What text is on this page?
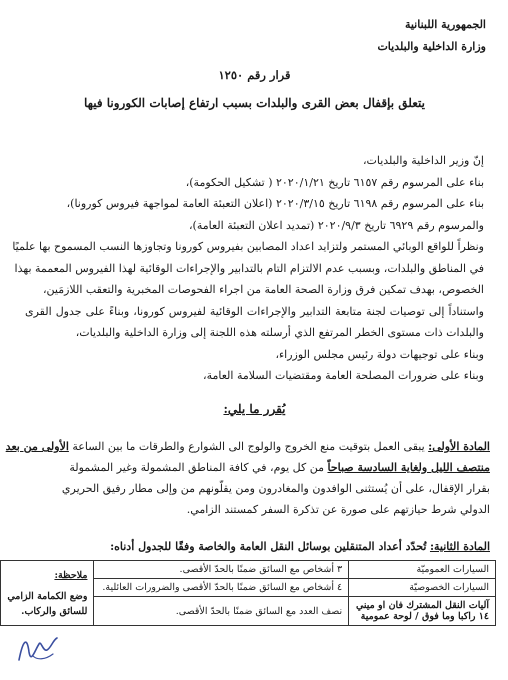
الجمهورية اللبنانية
وزارة الداخلية والبلديات
قرار رقم ١٢٥٠
يتعلق بإقفال بعض القرى والبلدات بسبب ارتفاع إصابات الكورونا فيها

إنّ وزير الداخلية والبلديات،

بناء على المرسوم رقم ٦١٥٧ تاريخ ٢٠٢٠/١/٢١ ( تشكيل الحكومة)،

بناء على المرسوم رقم ٦١٩٨ تاريخ ٢٠٢٠/٣/١٥ (اعلان التعبئة العامة لمواجهة فيروس كورونا)،

والمرسوم رقم ٦٩٢٩ تاريخ ٢٠٢٠/٩/٣ (تمديد اعلان التعبئة العامة)،

ونظراً للواقع الوبائي المستمر ولتزايد اعداد المصابين بفيروس كورونا وتجاوزها النسب المسموح بها علميًا

في المناطق والبلدات، وبسبب عدم الالتزام التام بالتدابير والإجراءات الوقائية لهذا الفيروس المعممة بهذا

الخصوص، بهدف تمكين فرق وزارة الصحة العامة من اجراء الفحوصات المخبرية والتعقب اللازمَين،

واستناداً إلى توصيات لجنة متابعة التدابير والإجراءات الوقائية لفيروس كورونا، وبناءً على جدول القرى

والبلدات ذات مستوى الخطر المرتفع الذي أرسلته هذه اللجنة إلى وزارة الداخلية والبلديات،

وبناء على توجيهات دولة رئيس مجلس الوزراء،

وبناء على ضرورات المصلحة العامة ومقتضيات السلامة العامة،

يُقرر ما يلي:

المادة الأولى: يبقى العمل بتوقيت منع الخروج والولوج الى الشوارع والطرقات ما بين الساعة الأولى من بعد

منتصف الليل ولغاية السادسة صباحاً من كل يوم، في كافة المناطق المشمولة وغير المشمولة

بقرار الإقفال، على أن يُستثنى الوافدون والمغادرون ومن يقلّونهم من وإلى مطار رفيق الحريري

الدولي شرط حيازتهم على صورة عن تذكرة السفر كمستند الزامي.

المادة الثانية: تُحدّد أعداد المتنقلين بوسائل النقل العامة والخاصة وفقًا للجدول أدناه:
السيارات العموميّة	٣ أشخاص مع السائق ضمنًا بالحدّ الأقصى.	ملاحظة:
وضع الكمامة الزامي للسائق والركاب.
السيارات الخصوصيّة	٤ أشخاص مع السائق ضمنًا بالحدّ الأقصى والضرورات العائلية.	
آليات النقل المشترك فان او ميني ١٤ راكبا وما فوق / لوحة عمومية	نصف العدد مع السائق ضمنًا بالحدّ الأقصى.	
